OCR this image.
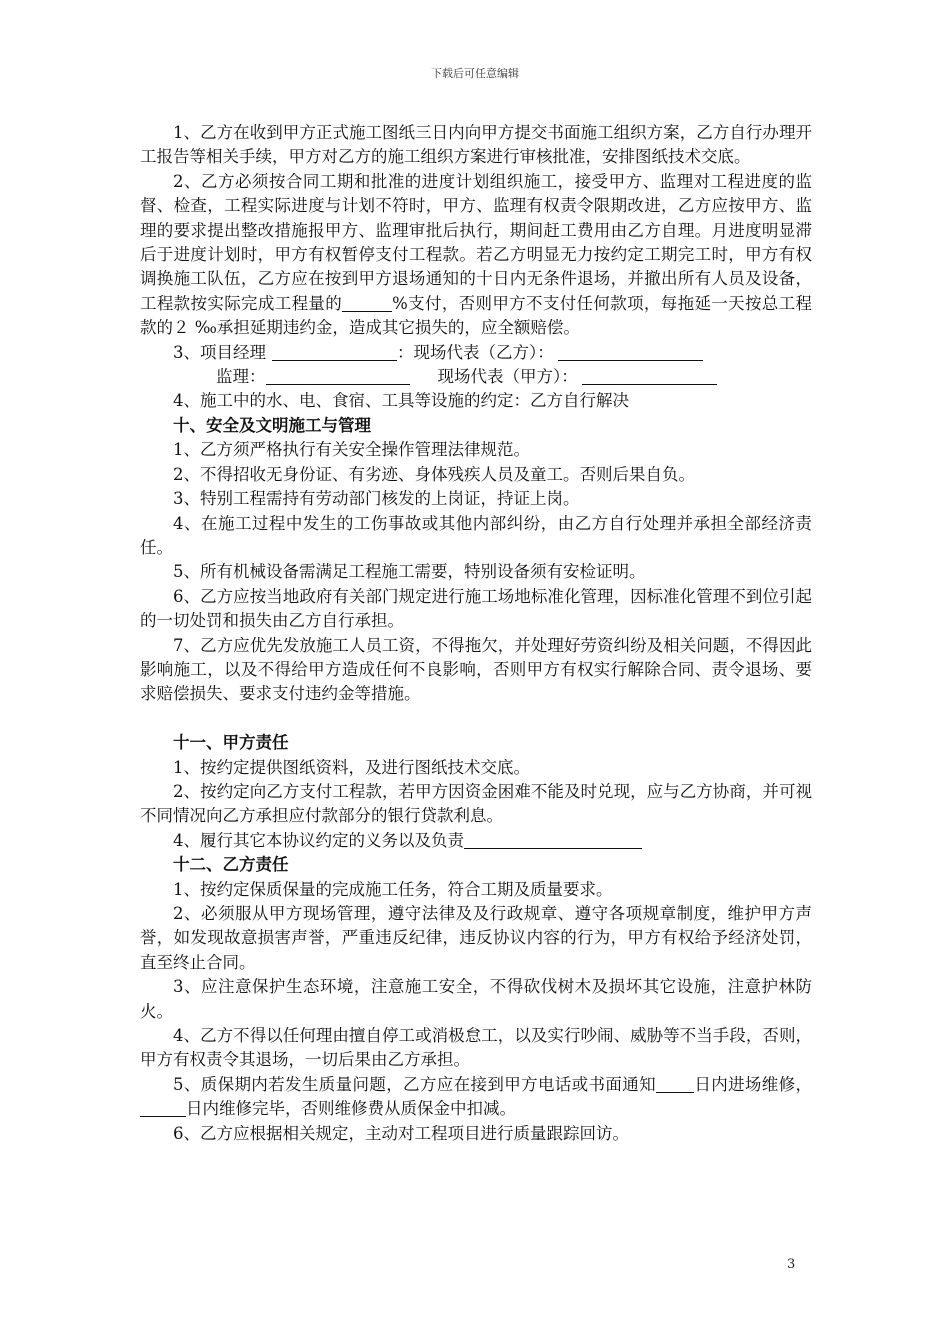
下载后可任意编辑

1、乙方在收到甲方正式施工图纸三日内向甲方提交书面施工组织方案，乙方自行办理开工报告等相关手续，甲方对乙方的施工组织方案进行审核批准，安排图纸技术交底。

2、乙方必须按合同工期和批准的进度计划组织施工，接受甲方、监理对工程进度的监督、检查，工程实际进度与计划不符时，甲方、监理有权责令限期改进，乙方应按甲方、监理的要求提出整改措施报甲方、监理审批后执行，期间赶工费用由乙方自理。月进度明显滞后于进度计划时，甲方有权暂停支付工程款。若乙方明显无力按约定工期完工时，甲方有权调换施工队伍，乙方应在按到甲方退场通知的十日内无条件退场，并撤出所有人员及设备，工程款按实际完成工程量的	%支付，否则甲方不支付任何款项，每拖延一天按总工程款的２ ‰承担延期违约金，造成其它损失的，应全额赔偿。

3、项目经理	：现场代表（乙方）：

监理：	现场代表（甲方）：

4、施工中的水、电、食宿、工具等设施的约定：乙方自行解决

十、安全及文明施工与管理

1、乙方须严格执行有关安全操作管理法律规范。

2、不得招收无身份证、有劣迹、身体残疾人员及童工。否则后果自负。

3、特别工程需持有劳动部门核发的上岗证，持证上岗。

4、在施工过程中发生的工伤事故或其他内部纠纷，由乙方自行处理并承担全部经济责任。

5、所有机械设备需满足工程施工需要，特别设备须有安检证明。

6、乙方应按当地政府有关部门规定进行施工场地标准化管理，因标准化管理不到位引起的一切处罚和损失由乙方自行承担。

7、乙方应优先发放施工人员工资，不得拖欠，并处理好劳资纠纷及相关问题，不得因此影响施工，以及不得给甲方造成任何不良影响，否则甲方有权实行解除合同、责令退场、要求赔偿损失、要求支付违约金等措施。

十一、甲方责任

1、按约定提供图纸资料，及进行图纸技术交底。

2、按约定向乙方支付工程款，若甲方因资金困难不能及时兑现，应与乙方协商，并可视不同情况向乙方承担应付款部分的银行贷款利息。

4、履行其它本协议约定的义务以及负责

十二、乙方责任

1、按约定保质保量的完成施工任务，符合工期及质量要求。

2、必须服从甲方现场管理，遵守法律及及行政规章、遵守各项规章制度，维护甲方声誉，如发现故意损害声誉，严重违反纪律，违反协议内容的行为，甲方有权给予经济处罚，直至终止合同。

3、应注意保护生态环境，注意施工安全，不得砍伐树木及损坏其它设施，注意护林防火。

4、乙方不得以任何理由擅自停工或消极怠工，以及实行吵闹、威胁等不当手段，否则，甲方有权责令其退场，一切后果由乙方承担。

5、质保期内若发生质量问题，乙方应在接到甲方电话或书面通知 日内进场维修，日内维修完毕，否则维修费从质保金中扣减。

6、乙方应根据相关规定，主动对工程项目进行质量跟踪回访。

3
